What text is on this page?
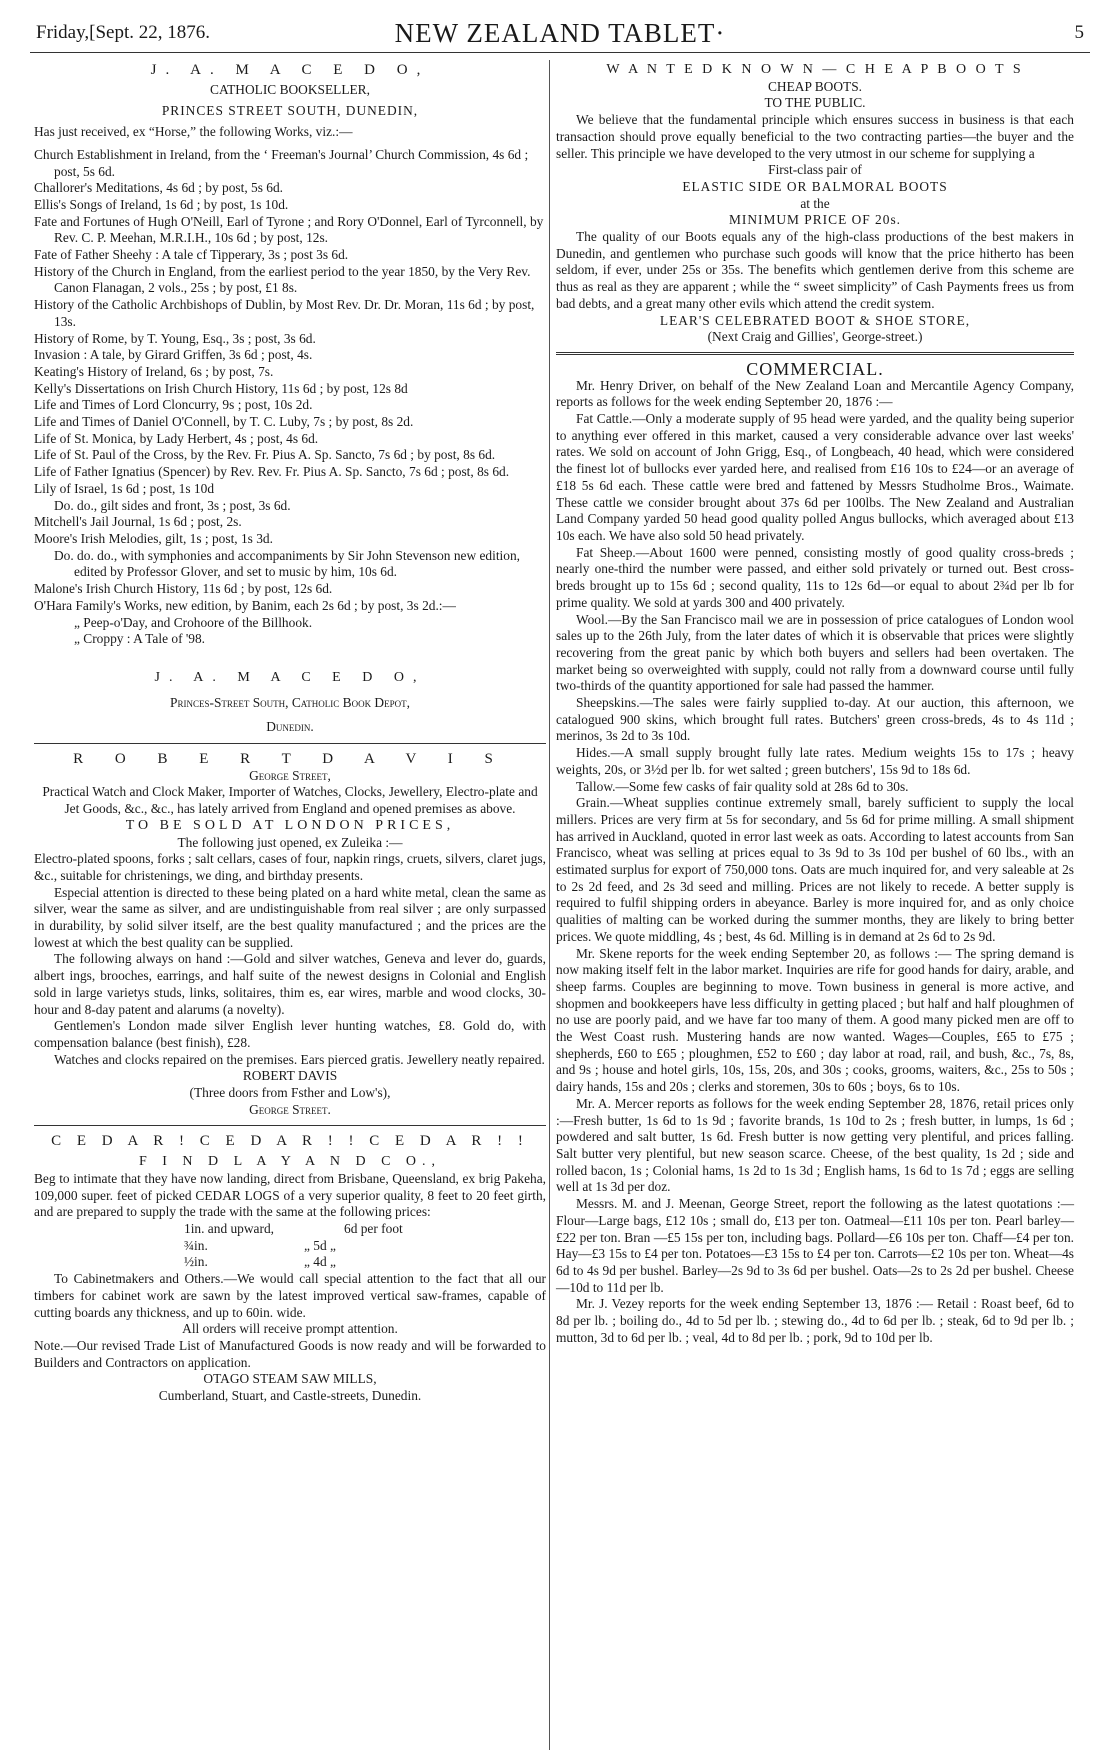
Friday,[Sept. 22, 1876.	NEW ZEALAND TABLET·	5
J. A. M A C E D O,
CATHOLIC BOOKSELLER,
PRINCES STREET SOUTH, DUNEDIN,

Has just received, ex “Horse,” the following Works, viz.:—

Church Establishment in Ireland, from the ‘ Freeman's Journal’ Church Commission, 4s 6d ; post, 5s 6d.
Challorer's Meditations, 4s 6d ; by post, 5s 6d.
Ellis's Songs of Ireland, 1s 6d ; by post, 1s 10d.
Fate and Fortunes of Hugh O'Neill, Earl of Tyrone ; and Rory O'Donnel, Earl of Tyrconnell, by Rev. C. P. Meehan, M.R.I.H., 10s 6d ; by post, 12s.
Fate of Father Sheehy : A tale cf Tipperary, 3s ; post 3s 6d.
History of the Church in England, from the earliest period to the year 1850, by the Very Rev. Canon Flanagan, 2 vols., 25s ; by post, £1 8s.
History of the Catholic Archbishops of Dublin, by Most Rev. Dr. Dr. Moran, 11s 6d ; by post, 13s.
History of Rome, by T. Young, Esq., 3s ; post, 3s 6d.
Invasion : A tale, by Girard Griffen, 3s 6d ; post, 4s.
Keating's History of Ireland, 6s ; by post, 7s.
Kelly's Dissertations on Irish Church History, 11s 6d ; by post, 12s 8d
Life and Times of Lord Cloncurry, 9s ; post, 10s 2d.
Life and Times of Daniel O'Connell, by T. C. Luby, 7s ; by post, 8s 2d.
Life of St. Monica, by Lady Herbert, 4s ; post, 4s 6d.
Life of St. Paul of the Cross, by the Rev. Fr. Pius A. Sp. Sancto, 7s 6d ; by post, 8s 6d.
Life of Father Ignatius (Spencer) by Rev. Rev. Fr. Pius A. Sp. Sancto, 7s 6d ; post, 8s 6d.
Lily of Israel, 1s 6d ; post, 1s 10d
Do. do., gilt sides and front, 3s ; post, 3s 6d.
Mitchell's Jail Journal, 1s 6d ; post, 2s.
Moore's Irish Melodies, gilt, 1s ; post, 1s 3d.
Do. do. do., with symphonies and accompaniments by Sir John Stevenson new edition, edited by Professor Glover, and set to music by him, 10s 6d.
Malone's Irish Church History, 11s 6d ; by post, 12s 6d.
O'Hara Family's Works, new edition, by Banim, each 2s 6d ; by post, 3s 2d.:—
„ Peep-o'Day, and Crohoore of the Billhook.
„ Croppy : A Tale of '98.
J. A. M A C E D O,
Princes-Street South, Catholic Book Depot,
Dunedin.
R O B E R T D A V I S
George Street,

Practical Watch and Clock Maker, Importer of Watches, Clocks, Jewellery, Electro-plate and Jet Goods, &c., &c., has lately arrived from England and opened premises as above.

TO BE SOLD AT LONDON PRICES,
The following just opened, ex Zuleika :—

Electro-plated spoons, forks ; salt cellars, cases of four, napkin rings, cruets, silvers, claret jugs, &c., suitable for christenings, we ding, and birthday presents.

Especial attention is directed to these being plated on a hard white metal, clean the same as silver, wear the same as silver, and are undistinguishable from real silver ; are only surpassed in durability, by solid silver itself, are the best quality manufactured ; and the prices are the lowest at which the best quality can be supplied.

The following always on hand :—Gold and silver watches, Geneva and lever do, guards, albert ings, brooches, earrings, and half suite of the newest designs in Colonial and English sold in large varietys studs, links, solitaires, thim es, ear wires, marble and wood clocks, 30-hour and 8-day patent and alarums (a novelty).

Gentlemen's London made silver English lever hunting watches, £8. Gold do, with compensation balance (best finish), £28.

Watches and clocks repaired on the premises. Ears pierced gratis. Jewellery neatly repaired.

ROBERT DAVIS
(Three doors from Fsther and Low's),
George Street.
C E D A R ! C E D A R ! ! C E D A R ! !
F I N D L A Y A N D C O.,

Beg to intimate that they have now landing, direct from Brisbane, Queensland, ex brig Pakeha, 109,000 super. feet of picked CEDAR LOGS of a very superior quality, 8 feet to 20 feet girth, and are prepared to supply the trade with the same at the following prices:

1in. and upward,	6d per foot
¾in.	„ 5d „
½in.	„ 4d „

To Cabinetmakers and Others.—We would call special attention to the fact that all our timbers for cabinet work are sawn by the latest improved vertical saw-frames, capable of cutting boards any thickness, and up to 60in. wide.

All orders will receive prompt attention.

Note.—Our revised Trade List of Manufactured Goods is now ready and will be forwarded to Builders and Contractors on application.

OTAGO STEAM SAW MILLS,
Cumberland, Stuart, and Castle-streets, Dunedin.
W A N T E D K N O W N — C H E A P B O O T S
CHEAP BOOTS.
TO THE PUBLIC.

We believe that the fundamental principle which ensures success in business is that each transaction should prove equally beneficial to the two contracting parties—the buyer and the seller. This principle we have developed to the very utmost in our scheme for supplying a

First-class pair of
ELASTIC SIDE OR BALMORAL BOOTS
at the
MINIMUM PRICE OF 20s.

The quality of our Boots equals any of the high-class productions of the best makers in Dunedin, and gentlemen who purchase such goods will know that the price hitherto has been seldom, if ever, under 25s or 35s. The benefits which gentlemen derive from this scheme are thus as real as they are apparent ; while the “ sweet simplicity” of Cash Payments frees us from bad debts, and a great many other evils which attend the credit system.

LEAR'S CELEBRATED BOOT & SHOE STORE,
(Next Craig and Gillies', George-street.)
COMMERCIAL.

Mr. Henry Driver, on behalf of the New Zealand Loan and Mercantile Agency Company, reports as follows for the week ending September 20, 1876 :—

Fat Cattle.—Only a moderate supply of 95 head were yarded, and the quality being superior to anything ever offered in this market, caused a very considerable advance over last weeks' rates. We sold on account of John Grigg, Esq., of Longbeach, 40 head, which were considered the finest lot of bullocks ever yarded here, and realised from £16 10s to £24—or an average of £18 5s 6d each. These cattle were bred and fattened by Messrs Studholme Bros., Waimate. These cattle we consider brought about 37s 6d per 100lbs. The New Zealand and Australian Land Company yarded 50 head good quality polled Angus bullocks, which averaged about £13 10s each. We have also sold 50 head privately.

Fat Sheep.—About 1600 were penned, consisting mostly of good quality cross-breds ; nearly one-third the number were passed, and either sold privately or turned out. Best cross-breds brought up to 15s 6d ; second quality, 11s to 12s 6d—or equal to about 2¾d per lb for prime quality. We sold at yards 300 and 400 privately.

Wool.—By the San Francisco mail we are in possession of price catalogues of London wool sales up to the 26th July, from the later dates of which it is observable that prices were slightly recovering from the great panic by which both buyers and sellers had been overtaken. The market being so overweighted with supply, could not rally from a downward course until fully two-thirds of the quantity apportioned for sale had passed the hammer.

Sheepskins.—The sales were fairly supplied to-day. At our auction, this afternoon, we catalogued 900 skins, which brought full rates. Butchers' green cross-breds, 4s to 4s 11d ; merinos, 3s 2d to 3s 10d.

Hides.—A small supply brought fully late rates. Medium weights 15s to 17s ; heavy weights, 20s, or 3½d per lb. for wet salted ; green butchers', 15s 9d to 18s 6d.

Tallow.—Some few casks of fair quality sold at 28s 6d to 30s.

Grain.—Wheat supplies continue extremely small, barely sufficient to supply the local millers. Prices are very firm at 5s for secondary, and 5s 6d for prime milling. A small shipment has arrived in Auckland, quoted in error last week as oats. According to latest accounts from San Francisco, wheat was selling at prices equal to 3s 9d to 3s 10d per bushel of 60 lbs., with an estimated surplus for export of 750,000 tons. Oats are much inquired for, and very saleable at 2s to 2s 2d feed, and 2s 3d seed and milling. Prices are not likely to recede. A better supply is required to fulfil shipping orders in abeyance. Barley is more inquired for, and as only choice qualities of malting can be worked during the summer months, they are likely to bring better prices. We quote middling, 4s ; best, 4s 6d. Milling is in demand at 2s 6d to 2s 9d.

Mr. Skene reports for the week ending September 20, as follows :— The spring demand is now making itself felt in the labor market. Inquiries are rife for good hands for dairy, arable, and sheep farms. Couples are beginning to move. Town business in general is more active, and shopmen and bookkeepers have less difficulty in getting placed ; but half and half ploughmen of no use are poorly paid, and we have far too many of them. A good many picked men are off to the West Coast rush. Mustering hands are now wanted. Wages—Couples, £65 to £75 ; shepherds, £60 to £65 ; ploughmen, £52 to £60 ; day labor at road, rail, and bush, &c., 7s, 8s, and 9s ; house and hotel girls, 10s, 15s, 20s, and 30s ; cooks, grooms, waiters, &c., 25s to 50s ; dairy hands, 15s and 20s ; clerks and storemen, 30s to 60s ; boys, 6s to 10s.

Mr. A. Mercer reports as follows for the week ending September 28, 1876, retail prices only :—Fresh butter, 1s 6d to 1s 9d ; favorite brands, 1s 10d to 2s ; fresh butter, in lumps, 1s 6d ; powdered and salt butter, 1s 6d. Fresh butter is now getting very plentiful, and prices falling. Salt butter very plentiful, but new season scarce. Cheese, of the best quality, 1s 2d ; side and rolled bacon, 1s ; Colonial hams, 1s 2d to 1s 3d ; English hams, 1s 6d to 1s 7d ; eggs are selling well at 1s 3d per doz.

Messrs. M. and J. Meenan, George Street, report the following as the latest quotations :—Flour—Large bags, £12 10s ; small do, £13 per ton. Oatmeal—£11 10s per ton. Pearl barley—£22 per ton. Bran —£5 15s per ton, including bags. Pollard—£6 10s per ton. Chaff—£4 per ton. Hay—£3 15s to £4 per ton. Potatoes—£3 15s to £4 per ton. Carrots—£2 10s per ton. Wheat—4s 6d to 4s 9d per bushel. Barley—2s 9d to 3s 6d per bushel. Oats—2s to 2s 2d per bushel. Cheese —10d to 11d per lb.

Mr. J. Vezey reports for the week ending September 13, 1876 :— Retail : Roast beef, 6d to 8d per lb. ; boiling do., 4d to 5d per lb. ; stewing do., 4d to 6d per lb. ; steak, 6d to 9d per lb. ; mutton, 3d to 6d per lb. ; veal, 4d to 8d per lb. ; pork, 9d to 10d per lb.
